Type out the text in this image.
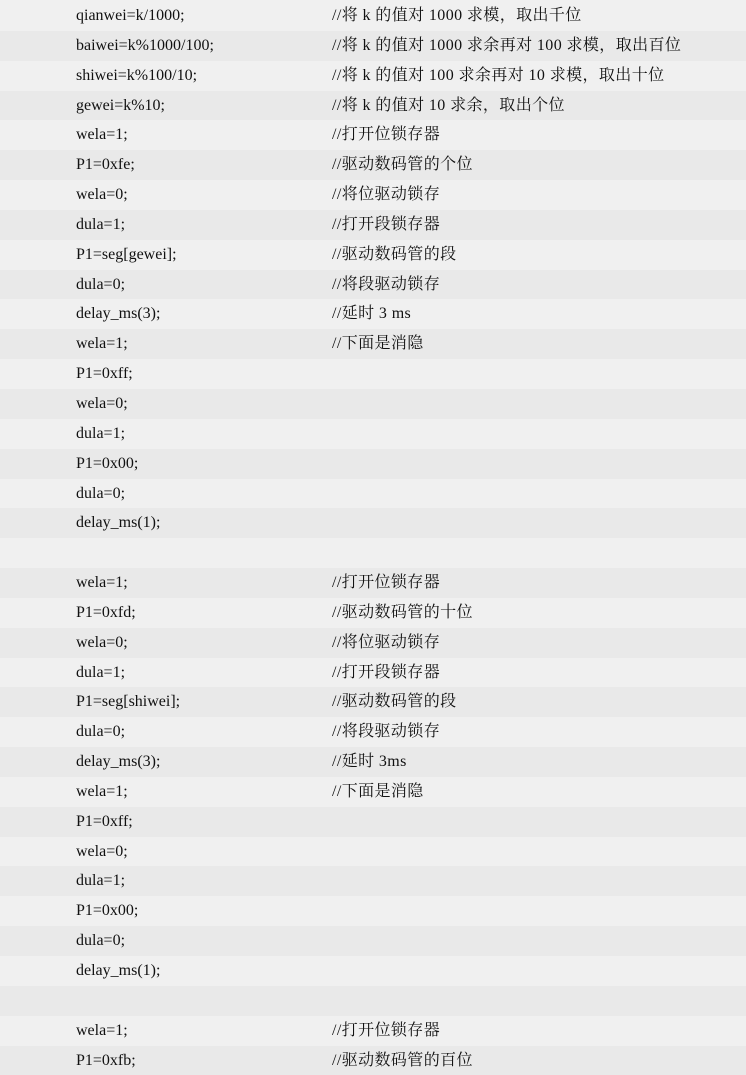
qianwei=k/1000;	//将 k 的值对 1000 求模，取出千位
baiwei=k%1000/100;	//将 k 的值对 1000 求余再对 100 求模，取出百位
shiwei=k%100/10;	//将 k 的值对 100 求余再对 10 求模，取出十位
gewei=k%10;	//将 k 的值对 10 求余，取出个位
wela=1;	//打开位锁存器
P1=0xfe;	//驱动数码管的个位
wela=0;	//将位驱动锁存
dula=1;	//打开段锁存器
P1=seg[gewei];	//驱动数码管的段
dula=0;	//将段驱动锁存
delay_ms(3);	//延时 3 ms
wela=1;	//下面是消隐
P1=0xff;
wela=0;
dula=1;
P1=0x00;
dula=0;
delay_ms(1);
wela=1;	//打开位锁存器
P1=0xfd;	//驱动数码管的十位
wela=0;	//将位驱动锁存
dula=1;	//打开段锁存器
P1=seg[shiwei];	//驱动数码管的段
dula=0;	//将段驱动锁存
delay_ms(3);	//延时 3ms
wela=1;	//下面是消隐
P1=0xff;
wela=0;
dula=1;
P1=0x00;
dula=0;
delay_ms(1);
wela=1;	//打开位锁存器
P1=0xfb;	//驱动数码管的百位
